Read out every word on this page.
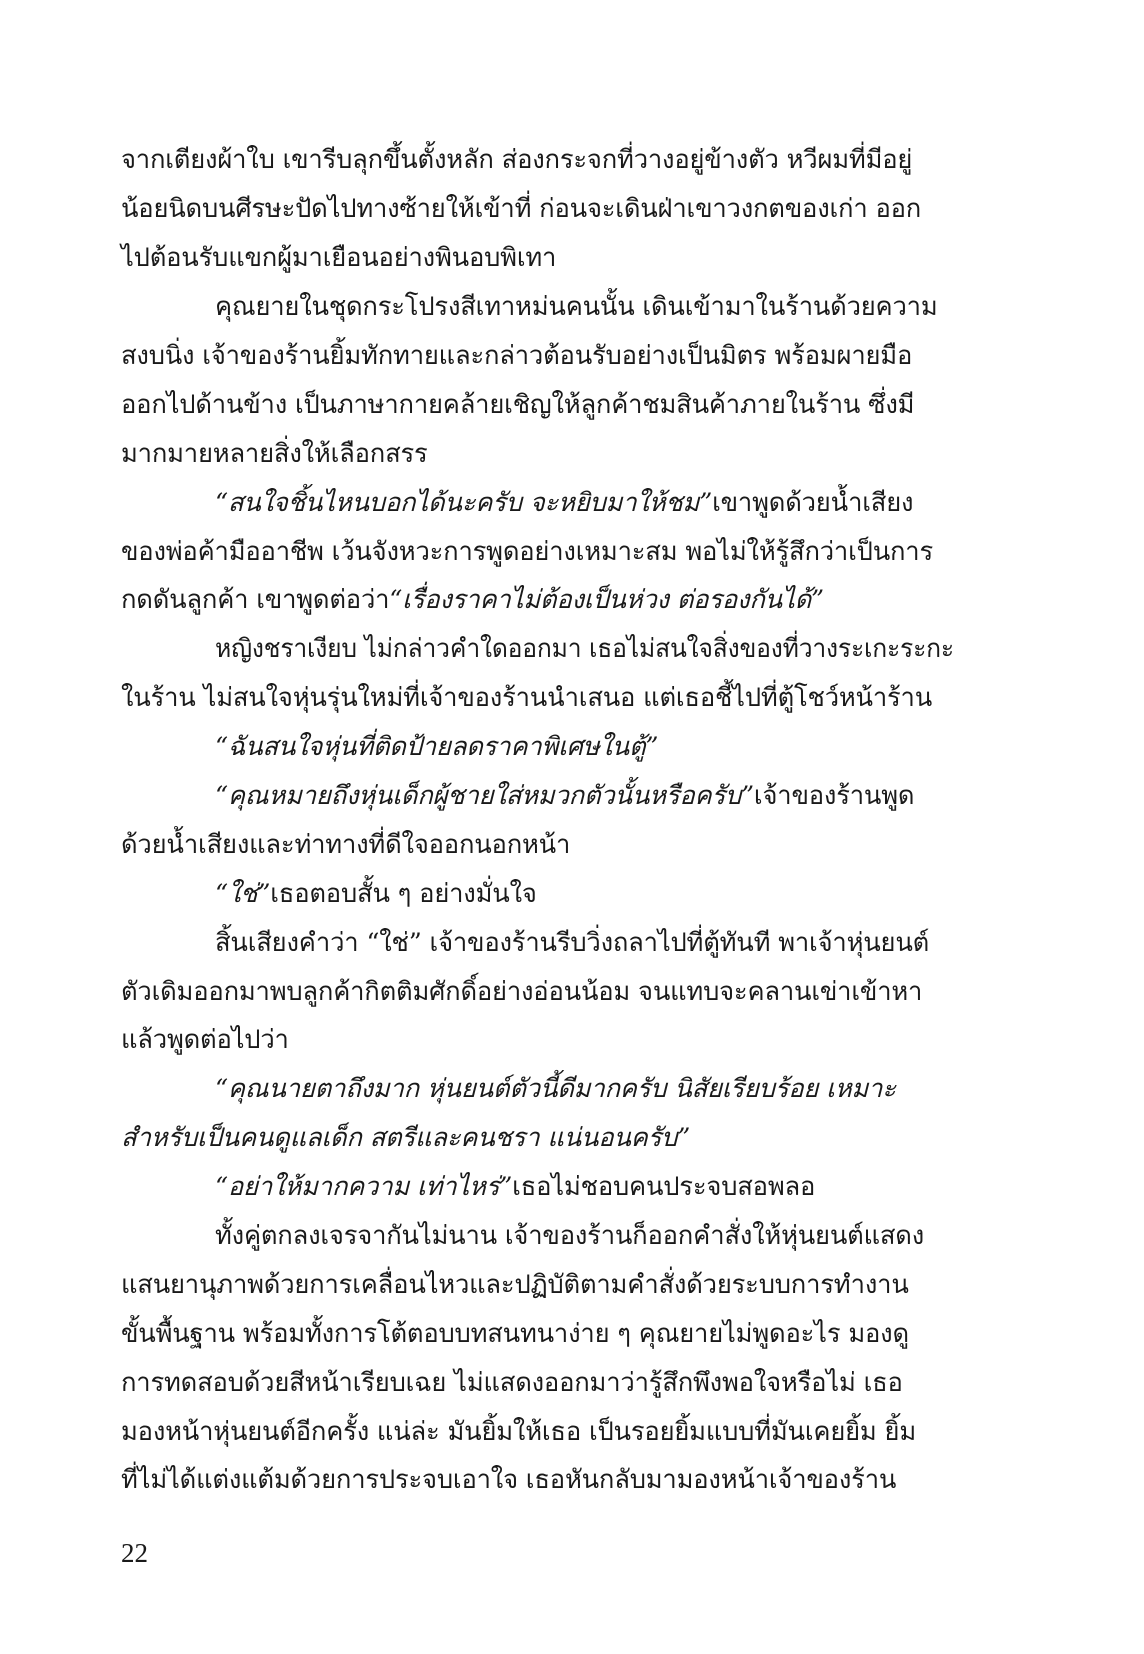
จากเตียงผ้าใบ เขารีบลุกขึ้นตั้งหลัก ส่องกระจกที่วางอยู่ข้างตัว หวีผมที่มีอยู่
น้อยนิดบนศีรษะปัดไปทางซ้ายให้เข้าที่ ก่อนจะเดินฝ่าเขาวงกตของเก่า ออก
ไปต้อนรับแขกผู้มาเยือนอย่างพินอบพิเทา
คุณยายในชุดกระโปรงสีเทาหม่นคนนั้น เดินเข้ามาในร้านด้วยความ
สงบนิ่ง เจ้าของร้านยิ้มทักทายและกล่าวต้อนรับอย่างเป็นมิตร พร้อมผายมือ
ออกไปด้านข้าง เป็นภาษากายคล้ายเชิญให้ลูกค้าชมสินค้าภายในร้าน ซึ่งมี
มากมายหลายสิ่งให้เลือกสรร
“สนใจชิ้นไหนบอกได้นะครับ จะหยิบมาให้ชม” เขาพูดด้วยน้ำเสียง
ของพ่อค้ามืออาชีพ เว้นจังหวะการพูดอย่างเหมาะสม พอไม่ให้รู้สึกว่าเป็นการ
กดดันลูกค้า เขาพูดต่อว่า “เรื่องราคาไม่ต้องเป็นห่วง ต่อรองกันได้”
หญิงชราเงียบ ไม่กล่าวคำใดออกมา เธอไม่สนใจสิ่งของที่วางระเกะระกะ
ในร้าน ไม่สนใจหุ่นรุ่นใหม่ที่เจ้าของร้านนำเสนอ แต่เธอชี้ไปที่ตู้โชว์หน้าร้าน
“ฉันสนใจหุ่นที่ติดป้ายลดราคาพิเศษในตู้”
“คุณหมายถึงหุ่นเด็กผู้ชายใส่หมวกตัวนั้นหรือครับ” เจ้าของร้านพูด
ด้วยน้ำเสียงและท่าทางที่ดีใจออกนอกหน้า
“ใช่” เธอตอบสั้น ๆ อย่างมั่นใจ
สิ้นเสียงคำว่า “ใช่” เจ้าของร้านรีบวิ่งถลาไปที่ตู้ทันที พาเจ้าหุ่นยนต์
ตัวเดิมออกมาพบลูกค้ากิตติมศักดิ์อย่างอ่อนน้อม จนแทบจะคลานเข่าเข้าหา
แล้วพูดต่อไปว่า
“คุณนายตาถึงมาก หุ่นยนต์ตัวนี้ดีมากครับ นิสัยเรียบร้อย เหมาะ
สำหรับเป็นคนดูแลเด็ก สตรีและคนชรา แน่นอนครับ”
“อย่าให้มากความ เท่าไหร่” เธอไม่ชอบคนประจบสอพลอ
ทั้งคู่ตกลงเจรจากันไม่นาน เจ้าของร้านก็ออกคำสั่งให้หุ่นยนต์แสดง
แสนยานุภาพด้วยการเคลื่อนไหวและปฏิบัติตามคำสั่งด้วยระบบการทำงาน
ขั้นพื้นฐาน พร้อมทั้งการโต้ตอบบทสนทนาง่าย ๆ คุณยายไม่พูดอะไร มองดู
การทดสอบด้วยสีหน้าเรียบเฉย ไม่แสดงออกมาว่ารู้สึกพึงพอใจหรือไม่ เธอ
มองหน้าหุ่นยนต์อีกครั้ง แน่ล่ะ มันยิ้มให้เธอ เป็นรอยยิ้มแบบที่มันเคยยิ้ม ยิ้ม
ที่ไม่ได้แต่งแต้มด้วยการประจบเอาใจ เธอหันกลับมามองหน้าเจ้าของร้าน
22
